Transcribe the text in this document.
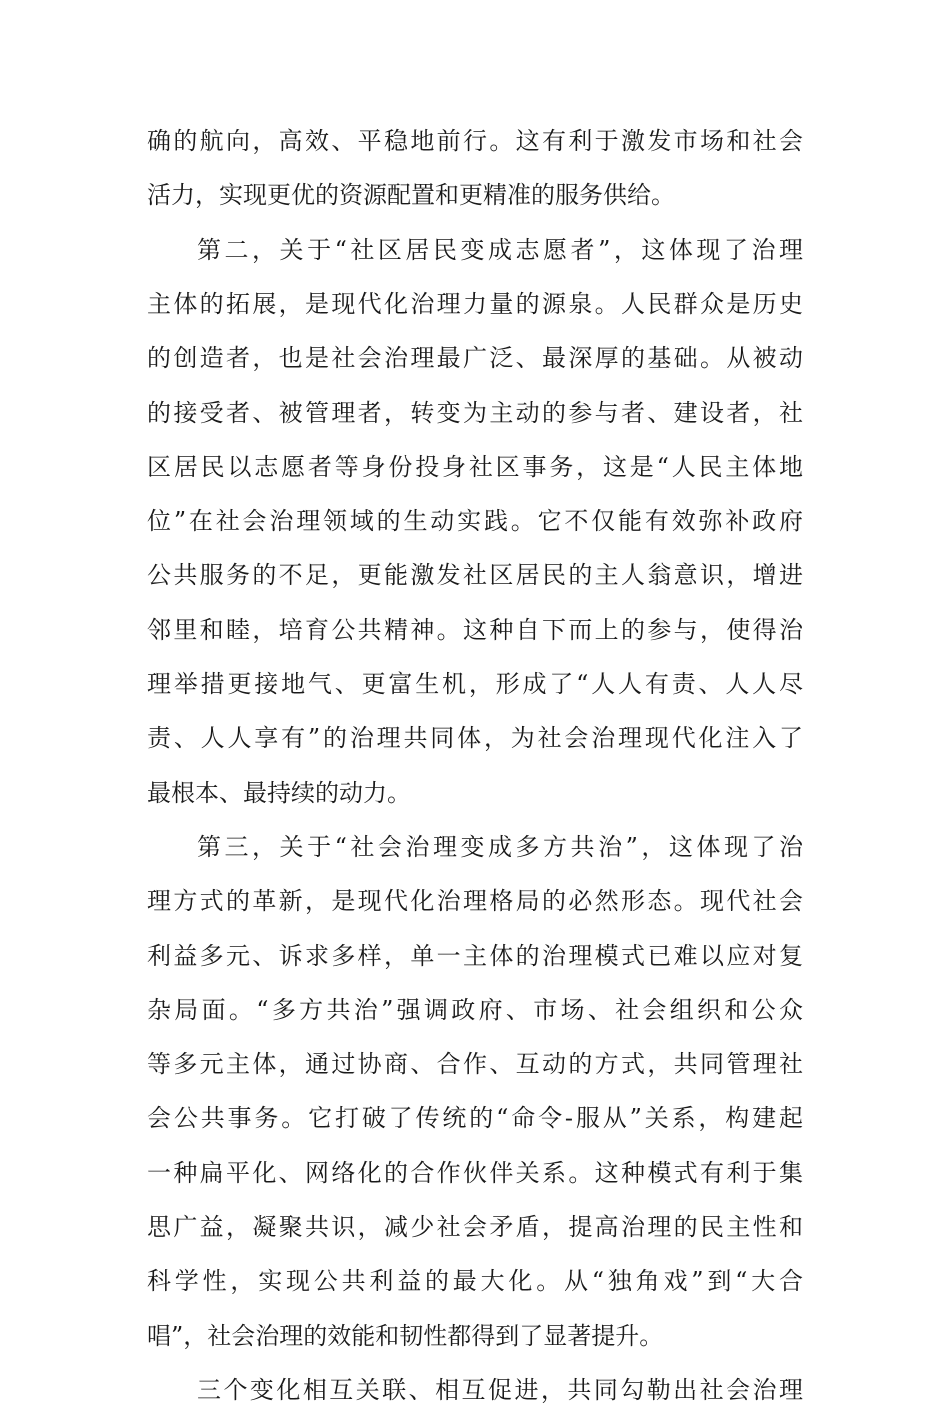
确的航向，高效、平稳地前行。这有利于激发市场和社会
活力，实现更优的资源配置和更精准的服务供给。
第二，关于“社区居民变成志愿者”，这体现了治理
主体的拓展，是现代化治理力量的源泉。人民群众是历史
的创造者，也是社会治理最广泛、最深厚的基础。从被动
的接受者、被管理者，转变为主动的参与者、建设者，社
区居民以志愿者等身份投身社区事务，这是“人民主体地
位”在社会治理领域的生动实践。它不仅能有效弥补政府
公共服务的不足，更能激发社区居民的主人翁意识，增进
邻里和睦，培育公共精神。这种自下而上的参与，使得治
理举措更接地气、更富生机，形成了“人人有责、人人尽
责、人人享有”的治理共同体，为社会治理现代化注入了
最根本、最持续的动力。
第三，关于“社会治理变成多方共治”，这体现了治
理方式的革新，是现代化治理格局的必然形态。现代社会
利益多元、诉求多样，单一主体的治理模式已难以应对复
杂局面。“多方共治”强调政府、市场、社会组织和公众
等多元主体，通过协商、合作、互动的方式，共同管理社
会公共事务。它打破了传统的“命令-服从”关系，构建起
一种扁平化、网络化的合作伙伴关系。这种模式有利于集
思广益，凝聚共识，减少社会矛盾，提高治理的民主性和
科学性，实现公共利益的最大化。从“独角戏”到“大合
唱”，社会治理的效能和韧性都得到了显著提升。
三个变化相互关联、相互促进，共同勾勒出社会治理
